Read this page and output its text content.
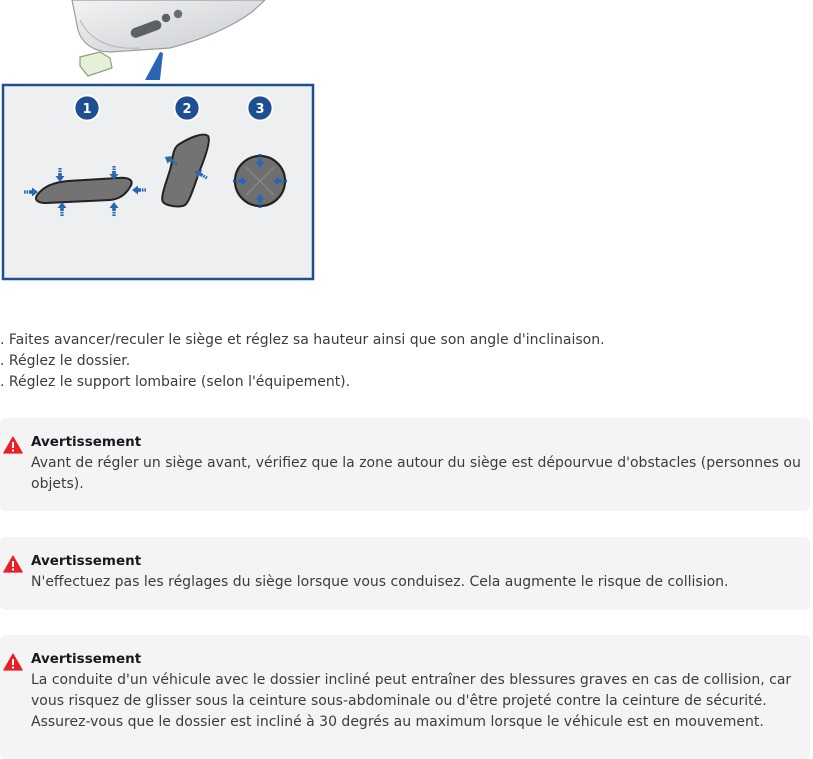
1	2	3
. Faites avancer/reculer le siège et réglez sa hauteur ainsi que son angle d'inclinaison.
. Réglez le dossier.
. Réglez le support lombaire (selon l'équipement).
Avertissement
Avant de régler un siège avant, vérifiez que la zone autour du siège est dépourvue d'obstacles (personnes ou objets).
Avertissement
N'effectuez pas les réglages du siège lorsque vous conduisez. Cela augmente le risque de collision.
Avertissement
La conduite d'un véhicule avec le dossier incliné peut entraîner des blessures graves en cas de collision, car vous risquez de glisser sous la ceinture sous-abdominale ou d'être projeté contre la ceinture de sécurité. Assurez-vous que le dossier est incliné à 30 degrés au maximum lorsque le véhicule est en mouvement.
